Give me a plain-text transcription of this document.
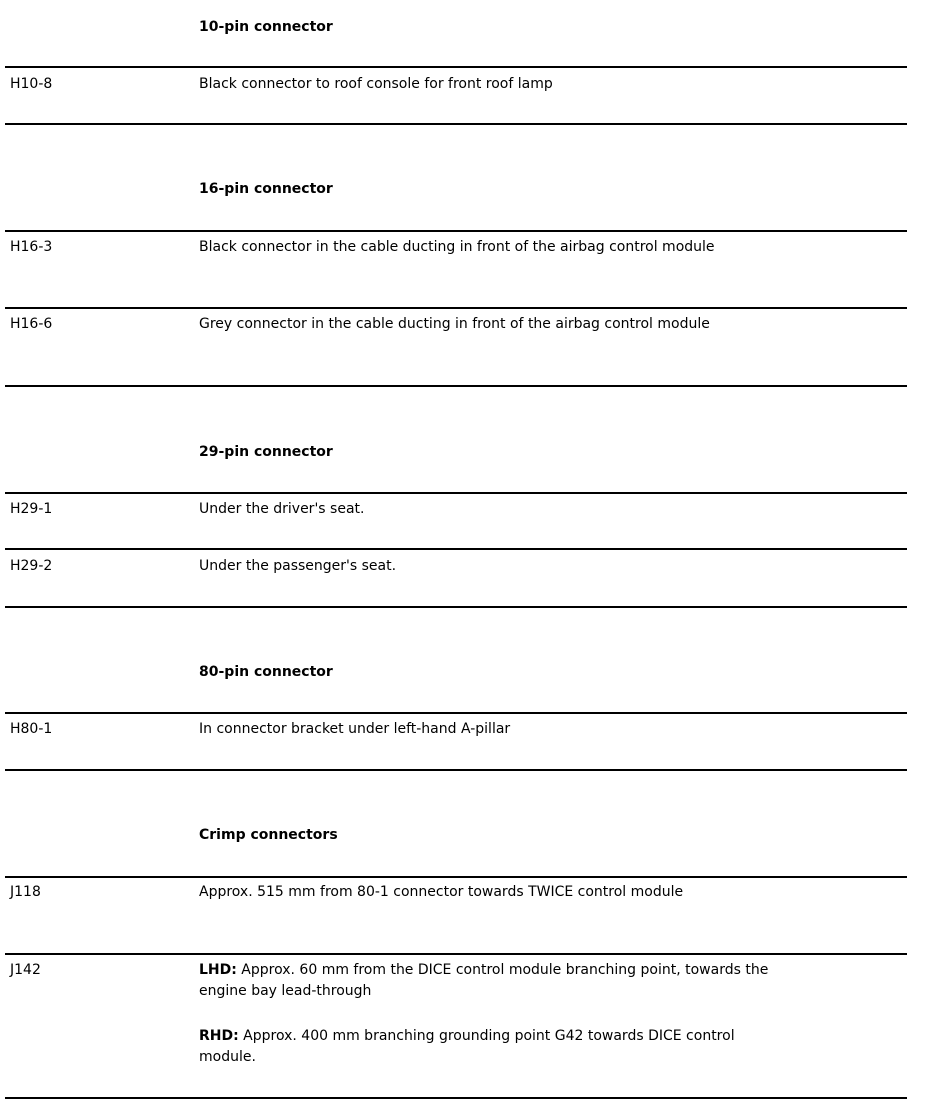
10-pin connector
H10-8	Black connector to roof console for front roof lamp
16-pin connector
H16-3	Black connector in the cable ducting in front of the airbag control module
H16-6	Grey connector in the cable ducting in front of the airbag control module
29-pin connector
H29-1	Under the driver's seat.
H29-2	Under the passenger's seat.
80-pin connector
H80-1	In connector bracket under left-hand A-pillar
Crimp connectors
J118	Approx. 515 mm from 80-1 connector towards TWICE control module
J142	LHD: Approx. 60 mm from the DICE control module branching point, towards the engine bay lead-through

RHD: Approx. 400 mm branching grounding point G42 towards DICE control module.
